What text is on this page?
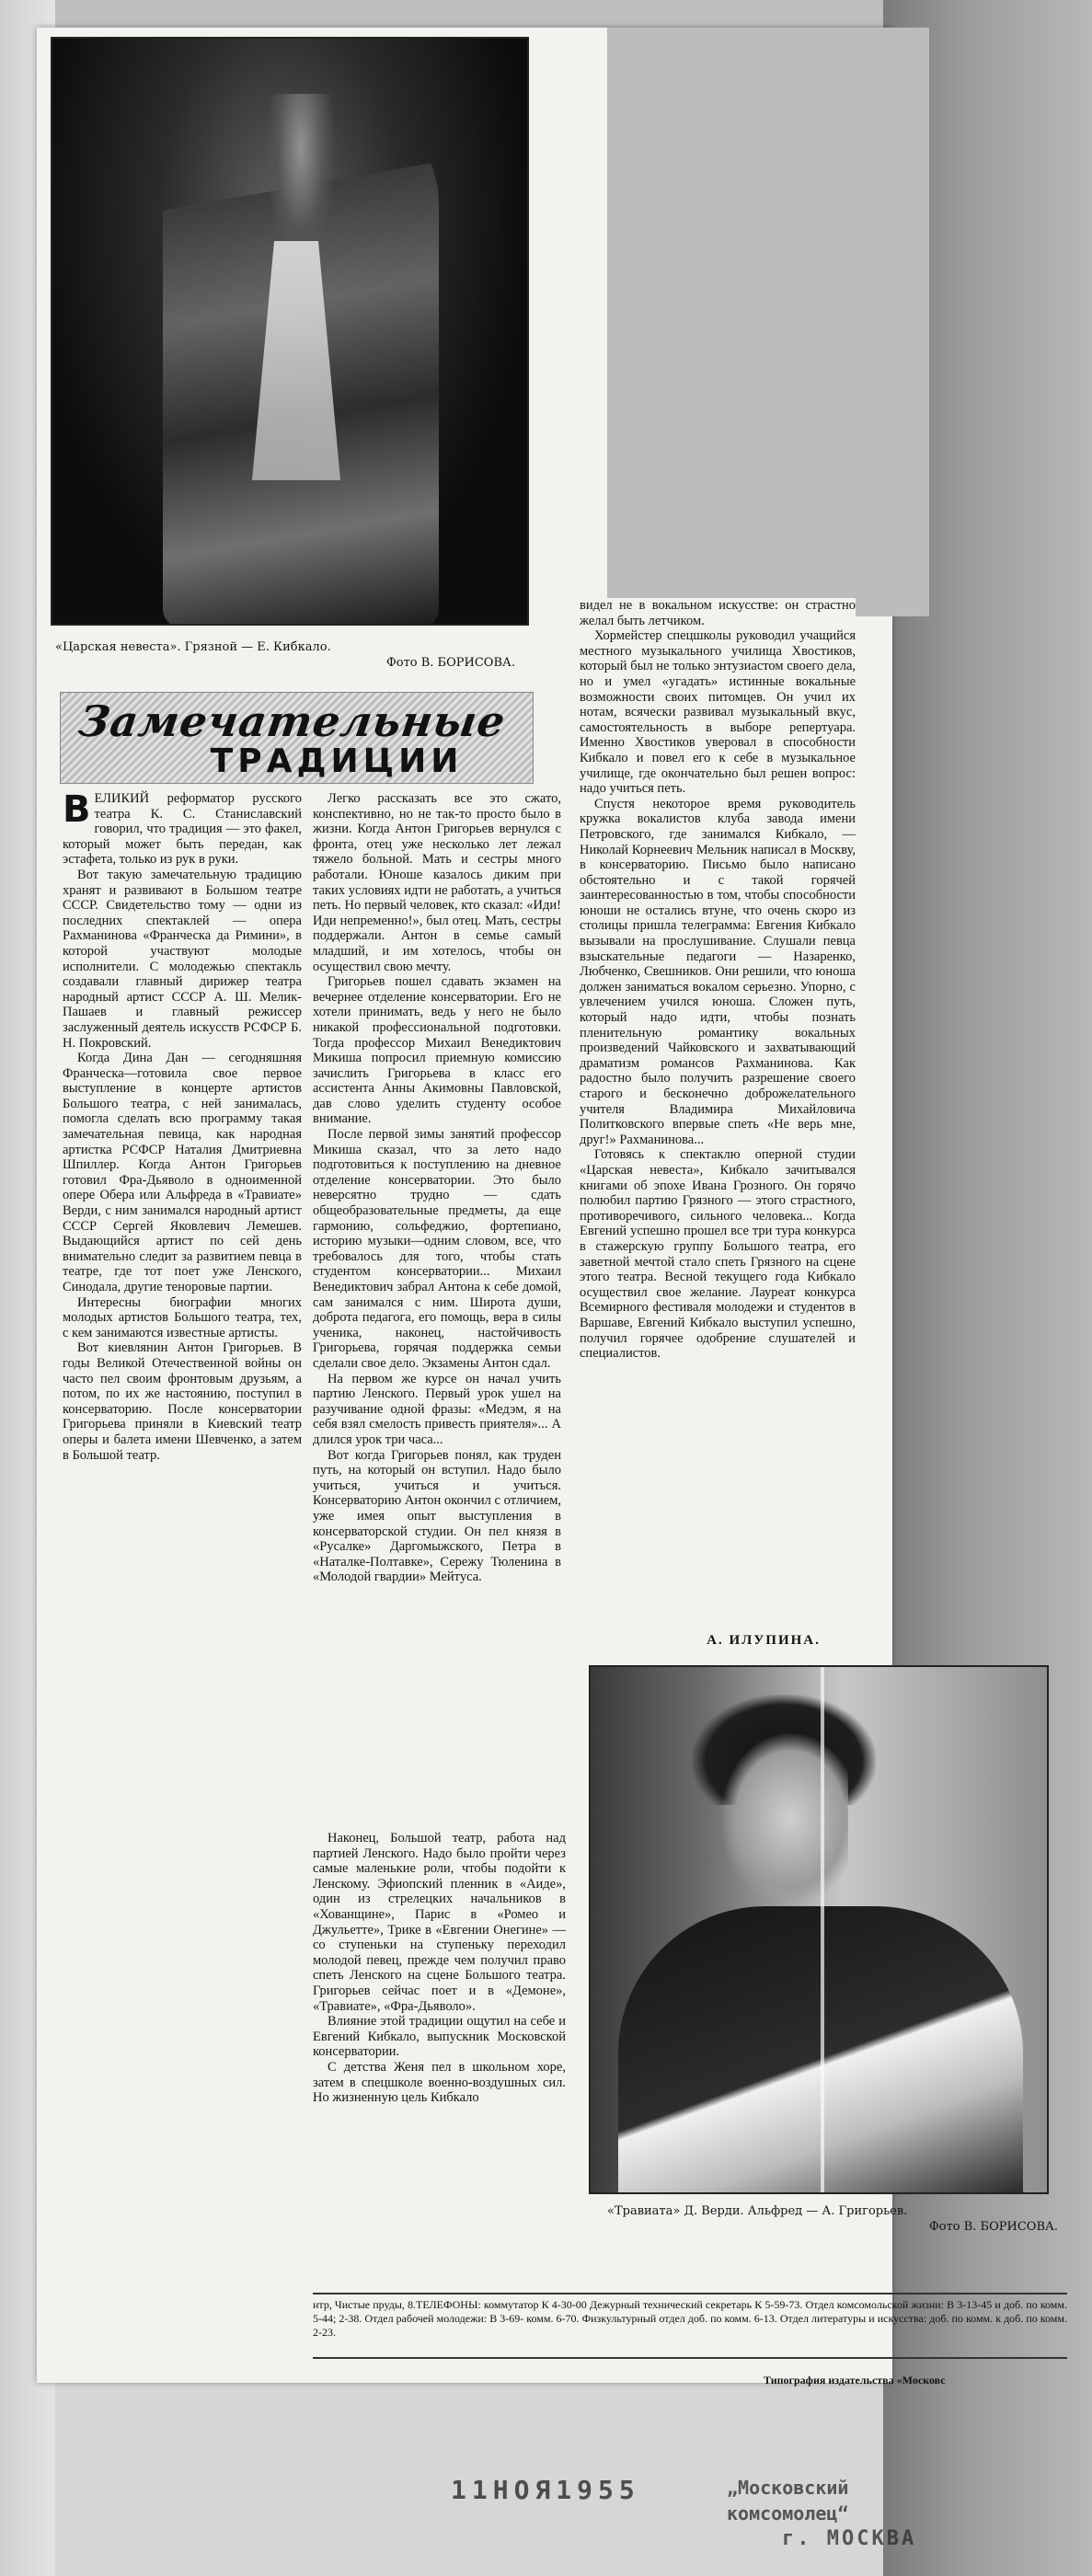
«Царская невеста». Грязной — Е. Кибкало.
Фото В. БОРИСОВА.
Замечательные
ТРАДИЦИИ

ВЕЛИКИЙ реформатор русского театра К. С. Станиславский говорил, что традиция — это факел, который может быть передан, как эстафета, только из рук в руки.

Вот такую замечательную традицию хранят и развивают в Большом театре СССР. Свидетельство тому — одни из последних спектаклей — опера Рахманинова «Франческа да Римини», в которой участвуют молодые исполнители. С молодежью спектакль создавали главный дирижер театра народный артист СССР А. Ш. Мелик-Пашаев и главный режиссер заслуженный деятель искусств РСФСР Б. Н. Покровский.

Когда Дина Дан — сегодняшняя Франческа—готовила свое первое выступление в концерте артистов Большого театра, с ней занималась, помогла сделать всю программу такая замечательная певица, как народная артистка РСФСР Наталия Дмитриевна Шпиллер. Когда Антон Григорьев готовил Фра-Дьяволо в одноименной опере Обера или Альфреда в «Травиате» Верди, с ним занимался народный артист СССР Сергей Яковлевич Лемешев. Выдающийся артист по сей день внимательно следит за развитием певца в театре, где тот поет уже Ленского, Синодала, другие теноровые партии.

Интересны биографии многих молодых артистов Большого театра, тех, с кем занимаются известные артисты.

Вот киевлянин Антон Григорьев. В годы Великой Отечественной войны он часто пел своим фронтовым друзьям, а потом, по их же настоянию, поступил в консерваторию. После консерватории Григорьева приняли в Киевский театр оперы и балета имени Шевченко, а затем в Большой театр.

Легко рассказать все это сжато, конспективно, но не так-то просто было в жизни. Когда Антон Григорьев вернулся с фронта, отец уже несколько лет лежал тяжело больной. Мать и сестры много работали. Юноше казалось диким при таких условиях идти не работать, а учиться петь. Но первый человек, кто сказал: «Иди! Иди непременно!», был отец. Мать, сестры поддержали. Антон в семье самый младший, и им хотелось, чтобы он осуществил свою мечту.

Григорьев пошел сдавать экзамен на вечернее отделение консерватории. Его не хотели принимать, ведь у него не было никакой профессиональной подготовки. Тогда профессор Михаил Венедиктович Микиша попросил приемную комиссию зачислить Григорьева в класс его ассистента Анны Акимовны Павловской, дав слово уделить студенту особое внимание.

После первой зимы занятий профессор Микиша сказал, что за лето надо подготовиться к поступлению на дневное отделение консерватории. Это было неверсятно трудно — сдать общеобразовательные предметы, да еще гармонию, сольфеджио, фортепиано, историю музыки—одним словом, все, что требовалось для того, чтобы стать студентом консерватории... Михаил Венедиктович забрал Антона к себе домой, сам занимался с ним. Широта души, доброта педагога, его помощь, вера в силы ученика, наконец, настойчивость Григорьева, горячая поддержка семьи сделали свое дело. Экзамены Антон сдал.

На первом же курсе он начал учить партию Ленского. Первый урок ушел на разучивание одной фразы: «Медэм, я на себя взял смелость привесть приятеля»... А длился урок три часа...

Вот когда Григорьев понял, как труден путь, на который он вступил. Надо было учиться, учиться и учиться. Консерваторию Антон окончил с отличием, уже имея опыт выступления в консерваторской студии. Он пел князя в «Русалке» Даргомыжского, Петра в «Наталке-Полтавке», Сережу Тюленина в «Молодой гвардии» Мейтуса.

видел не в вокальном искусстве: он страстно желал быть летчиком.

Хормейстер спецшколы руководил учащийся местного музыкального училища Хвостиков, который был не только энтузиастом своего дела, но и умел «угадать» истинные вокальные возможности своих питомцев. Он учил их нотам, всячески развивал музыкальный вкус, самостоятельность в выборе репертуара. Именно Хвостиков уверовал в способности Кибкало и повел его к себе в музыкальное училище, где окончательно был решен вопрос: надо учиться петь.

Спустя некоторое время руководитель кружка вокалистов клуба завода имени Петровского, где занимался Кибкало, — Николай Корнеевич Мельник написал в Москву, в консерваторию. Письмо было написано обстоятельно и с такой горячей заинтересованностью в том, чтобы способности юноши не остались втуне, что очень скоро из столицы пришла телеграмма: Евгения Кибкало вызывали на прослушивание. Слушали певца взыскательные педагоги — Назаренко, Любченко, Свешников. Они решили, что юноша должен заниматься вокалом серьезно. Упорно, с увлечением учился юноша. Сложен путь, который надо идти, чтобы познать пленительную романтику вокальных произведений Чайковского и захватывающий драматизм романсов Рахманинова. Как радостно было получить разрешение своего старого и бесконечно доброжелательного учителя Владимира Михайловича Политковского впервые спеть «Не верь мне, друг!» Рахманинова...

Готовясь к спектаклю оперной студии «Царская невеста», Кибкало зачитывался книгами об эпохе Ивана Грозного. Он горячо полюбил партию Грязного — этого страстного, противоречивого, сильного человека... Когда Евгений успешно прошел все три тура конкурса в стажерскую группу Большого театра, его заветной мечтой стало спеть Грязного на сцене этого театра. Весной текущего года Кибкало осуществил свое желание. Лауреат конкурса Всемирного фестиваля молодежи и студентов в Варшаве, Евгений Кибкало выступил успешно, получил горячее одобрение слушателей и специалистов.

А. ИЛУПИНА.

Наконец, Большой театр, работа над партией Ленского. Надо было пройти через самые маленькие роли, чтобы подойти к Ленскому. Эфиопский пленник в «Аиде», один из стрелецких начальников в «Хованщине», Парис в «Ромео и Джульетте», Трике в «Евгении Онегине» — со ступеньки на ступеньку переходил молодой певец, прежде чем получил право спеть Ленского на сцене Большого театра. Григорьев сейчас поет и в «Демоне», «Травиате», «Фра-Дьяволо».

Влияние этой традиции ощутил на себе и Евгений Кибкало, выпускник Московской консерватории.

С детства Женя пел в школьном хоре, затем в спецшколе военно-воздушных сил. Но жизненную цель Кибкало

«Травиата» Д. Верди. Альфред — А. Григорьев.
Фото В. БОРИСОВА.
нтр, Чистые пруды, 8.ТЕЛЕФОНЫ: коммутатор К 4-30-00 Дежурный технический секретарь К 5-59-73. Отдел комсомольской жизни: В 3-13-45 и доб. по комм. 5-44; 2-38. Отдел рабочей молодежи: В 3-69- комм. 6-70. Физкультурный отдел доб. по комм. 6-13. Отдел литературы и искусства: доб. по комм. к доб. по комм. 2-23.
Типография издательства «Московс
11НОЯ1955	„Московский комсомолец“
г. МОСКВА
